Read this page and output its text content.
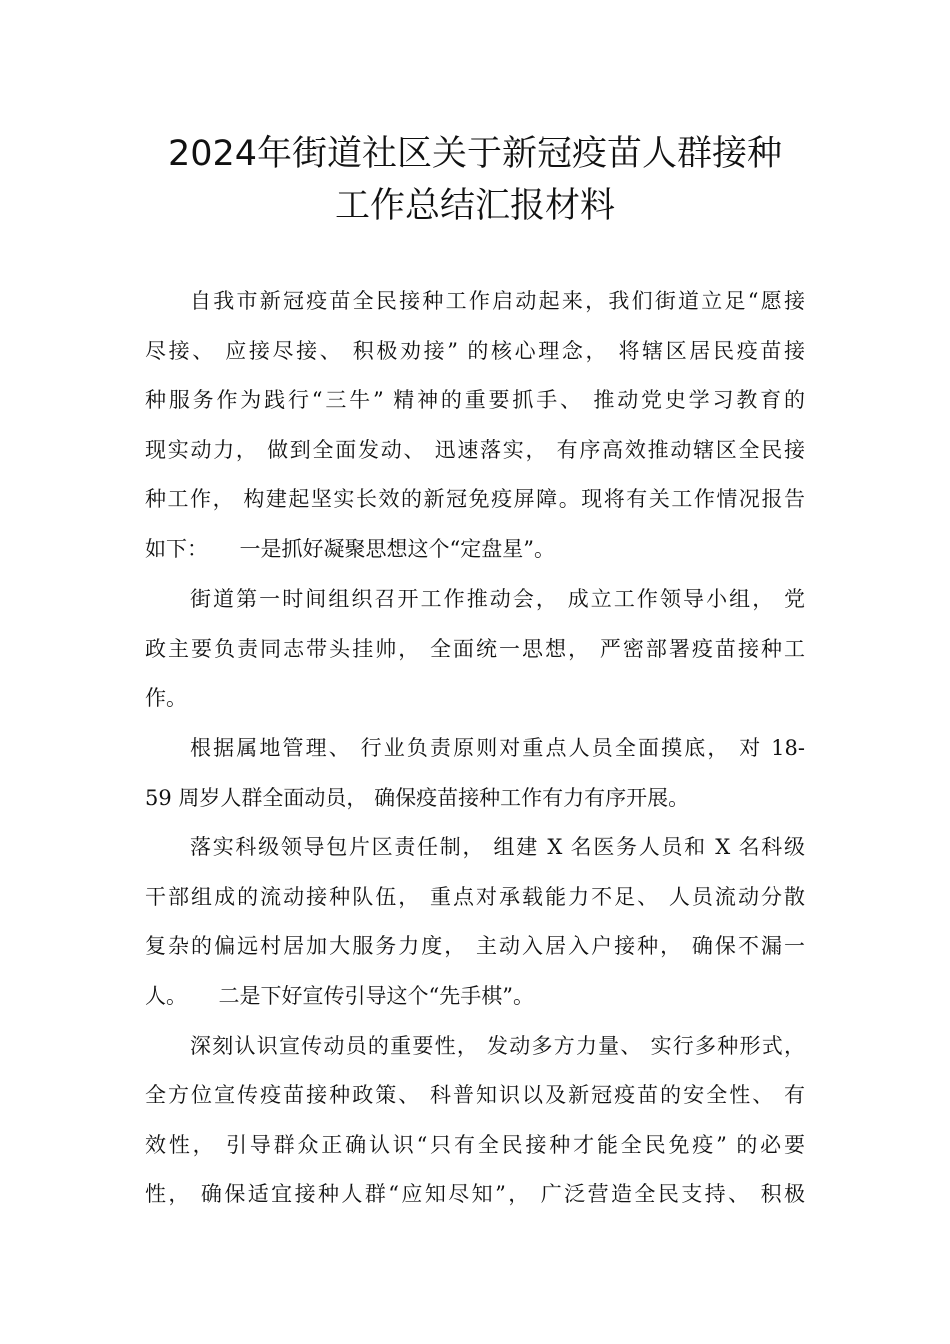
2024年街道社区关于新冠疫苗人群接种
工作总结汇报材料
自我市新冠疫苗全民接种工作启动起来，我们街道立足“愿接
尽接、 应接尽接、 积极劝接” 的核心理念， 将辖区居民疫苗接
种服务作为践行“三牛” 精神的重要抓手、 推动党史学习教育的
现实动力， 做到全面发动、 迅速落实， 有序高效推动辖区全民接
种工作， 构建起坚实长效的新冠免疫屏障。现将有关工作情况报告
如下：　　一是抓好凝聚思想这个“定盘星”。
街道第一时间组织召开工作推动会， 成立工作领导小组， 党
政主要负责同志带头挂帅， 全面统一思想， 严密部署疫苗接种工
作。
根据属地管理、 行业负责原则对重点人员全面摸底， 对 18-
59 周岁人群全面动员， 确保疫苗接种工作有力有序开展。
落实科级领导包片区责任制， 组建 X 名医务人员和 X 名科级
干部组成的流动接种队伍， 重点对承载能力不足、 人员流动分散
复杂的偏远村居加大服务力度， 主动入居入户接种， 确保不漏一
人。　　二是下好宣传引导这个“先手棋”。
深刻认识宣传动员的重要性， 发动多方力量、 实行多种形式，
全方位宣传疫苗接种政策、 科普知识以及新冠疫苗的安全性、 有
效性， 引导群众正确认识“只有全民接种才能全民免疫” 的必要
性， 确保适宜接种人群“应知尽知”， 广泛营造全民支持、 积极
